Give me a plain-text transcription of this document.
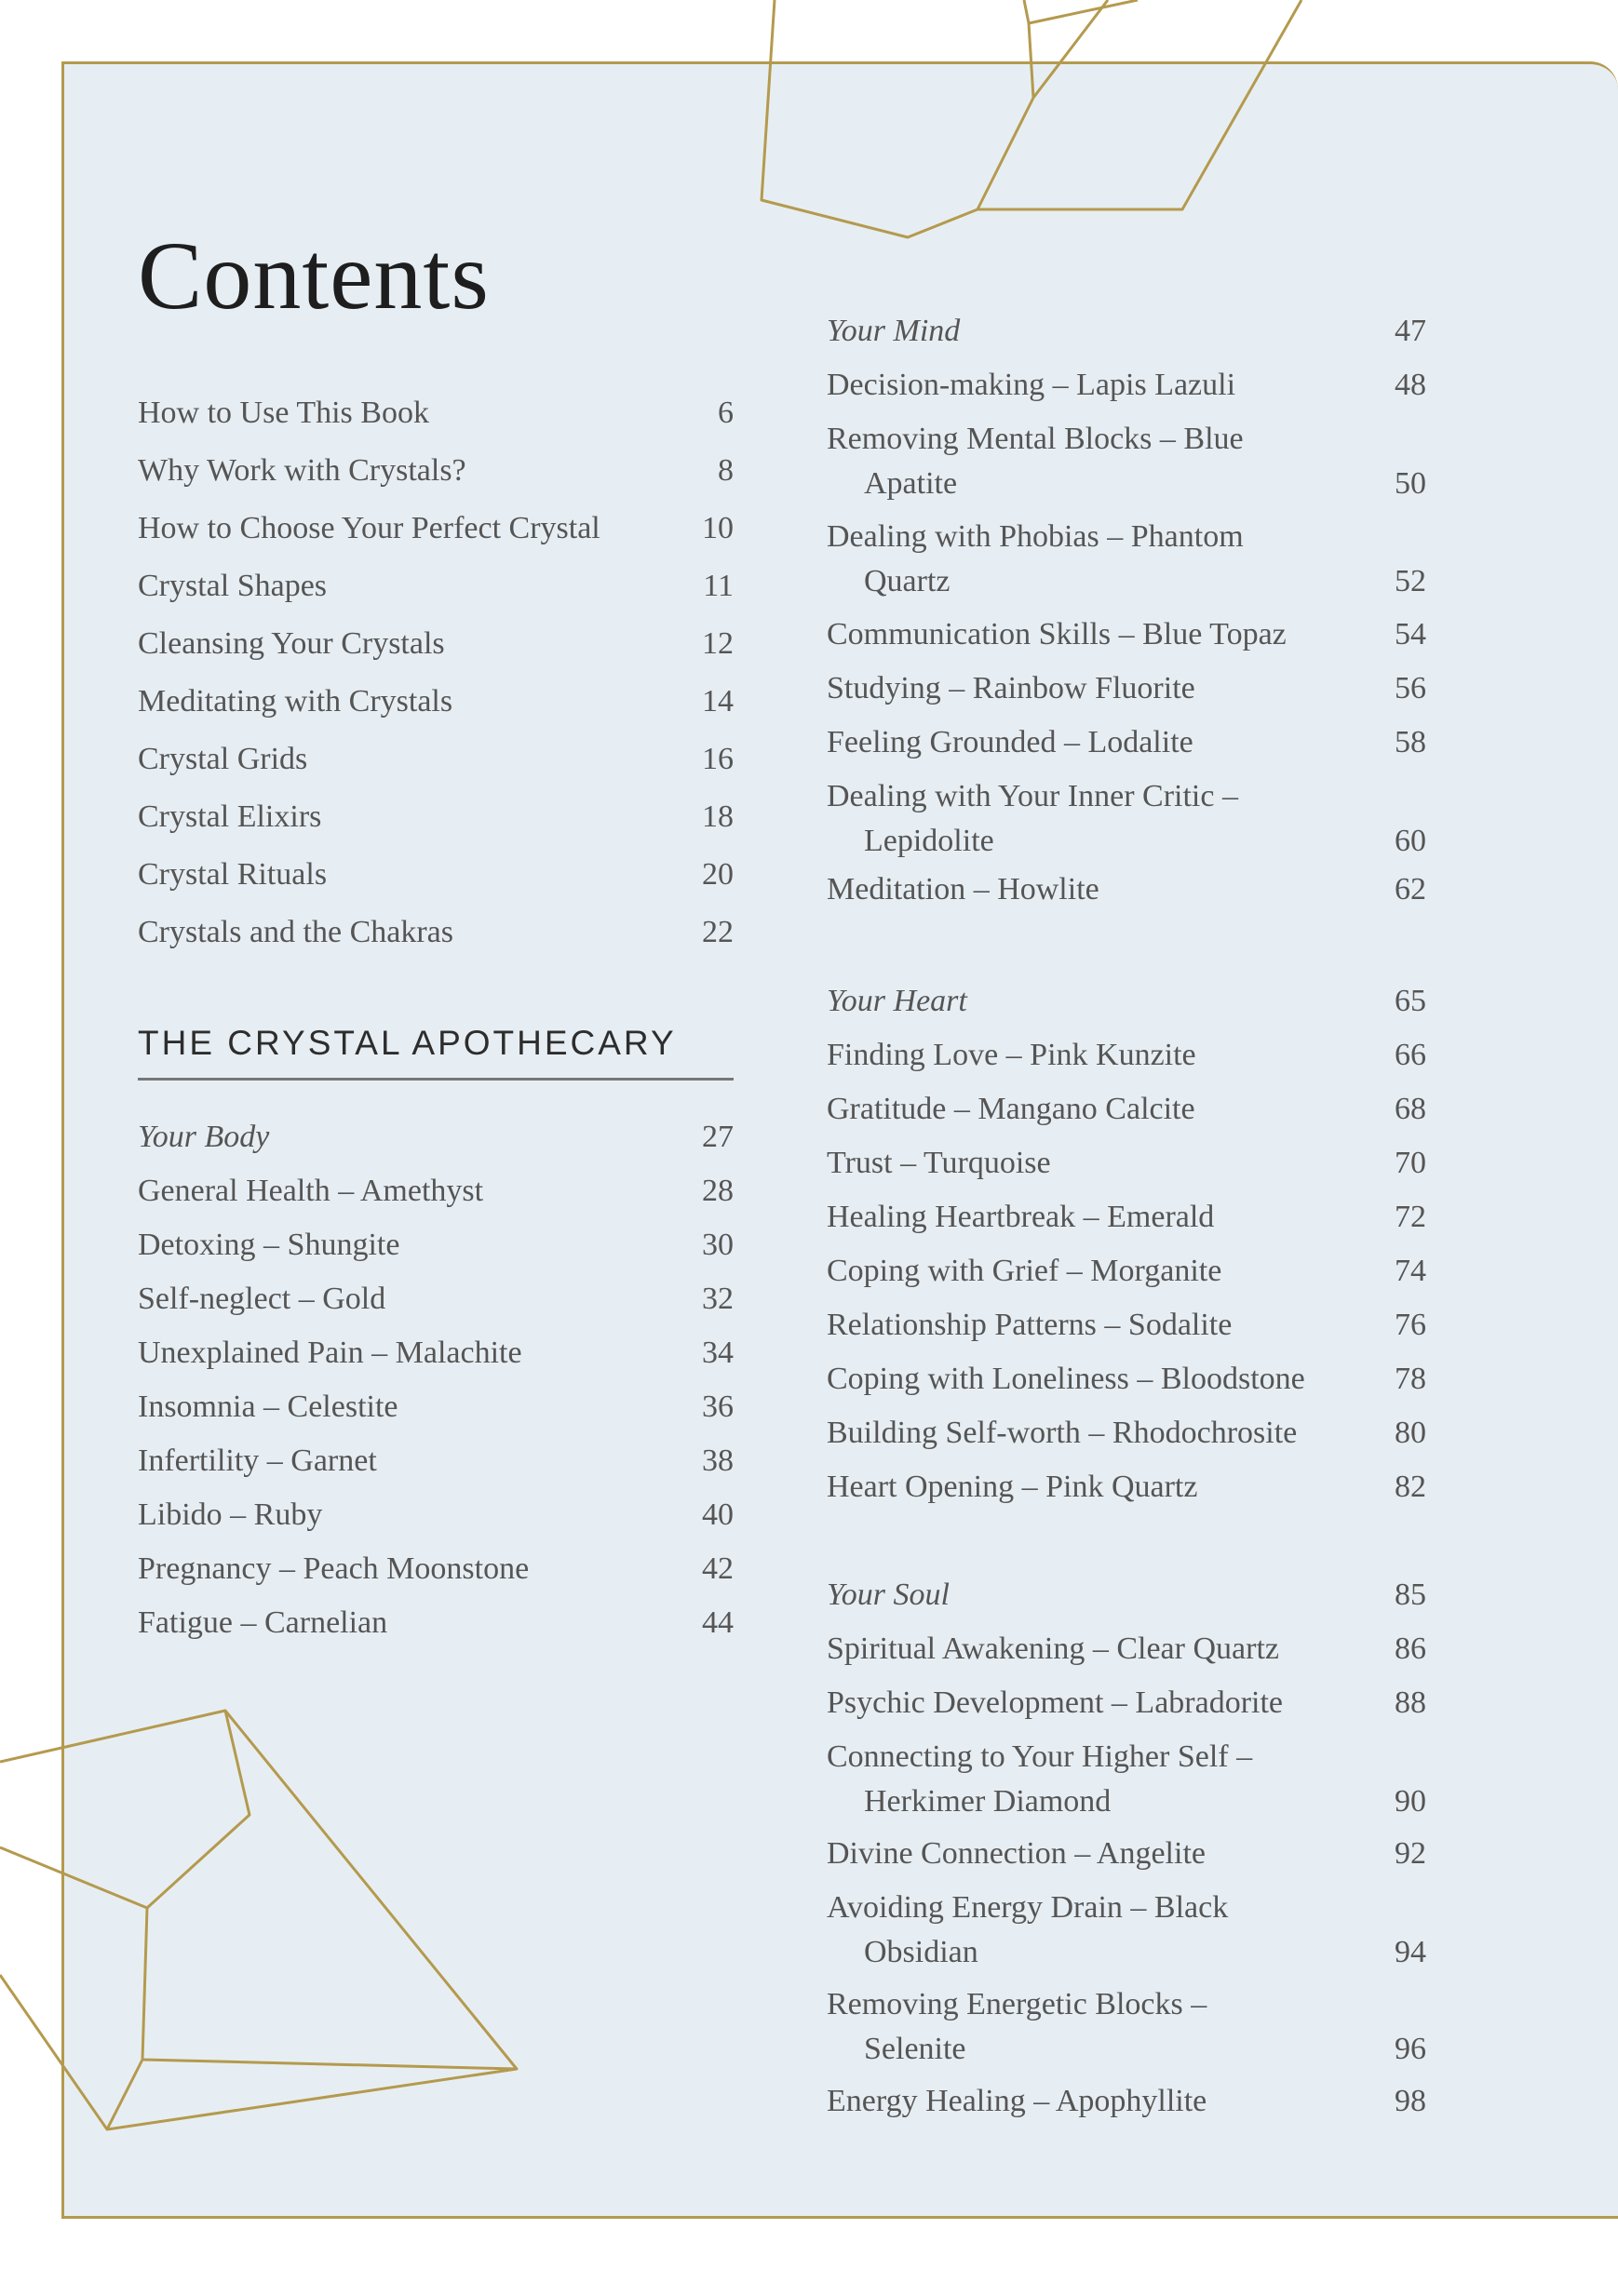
Contents
How to Use This Book	6
Why Work with Crystals?	8
How to Choose Your Perfect Crystal	10
Crystal Shapes	11
Cleansing Your Crystals	12
Meditating with Crystals	14
Crystal Grids	16
Crystal Elixirs	18
Crystal Rituals	20
Crystals and the Chakras	22
Your Body	27
General Health – Amethyst	28
Detoxing – Shungite	30
Self-neglect – Gold	32
Unexplained Pain – Malachite	34
Insomnia – Celestite	36
Infertility – Garnet	38
Libido – Ruby	40
Pregnancy – Peach Moonstone	42
Fatigue – Carnelian	44
THE CRYSTAL APOTHECARY
Your Mind	47
Decision-making – Lapis Lazuli	48
Removing Mental Blocks – Blue
Apatite	50
Dealing with Phobias – Phantom
Quartz	52
Communication Skills – Blue Topaz	54
Studying – Rainbow Fluorite	56
Feeling Grounded – Lodalite	58
Dealing with Your Inner Critic –
Lepidolite	60
Meditation – Howlite	62
Your Heart	65
Finding Love – Pink Kunzite	66
Gratitude – Mangano Calcite	68
Trust – Turquoise	70
Healing Heartbreak – Emerald	72
Coping with Grief – Morganite	74
Relationship Patterns – Sodalite	76
Coping with Loneliness – Bloodstone	78
Building Self-worth – Rhodochrosite	80
Heart Opening – Pink Quartz	82
Your Soul	85
Spiritual Awakening – Clear Quartz	86
Psychic Development – Labradorite	88
Connecting to Your Higher Self –
Herkimer Diamond	90
Divine Connection – Angelite	92
Avoiding Energy Drain – Black
Obsidian	94
Removing Energetic Blocks –
Selenite	96
Energy Healing – Apophyllite	98
